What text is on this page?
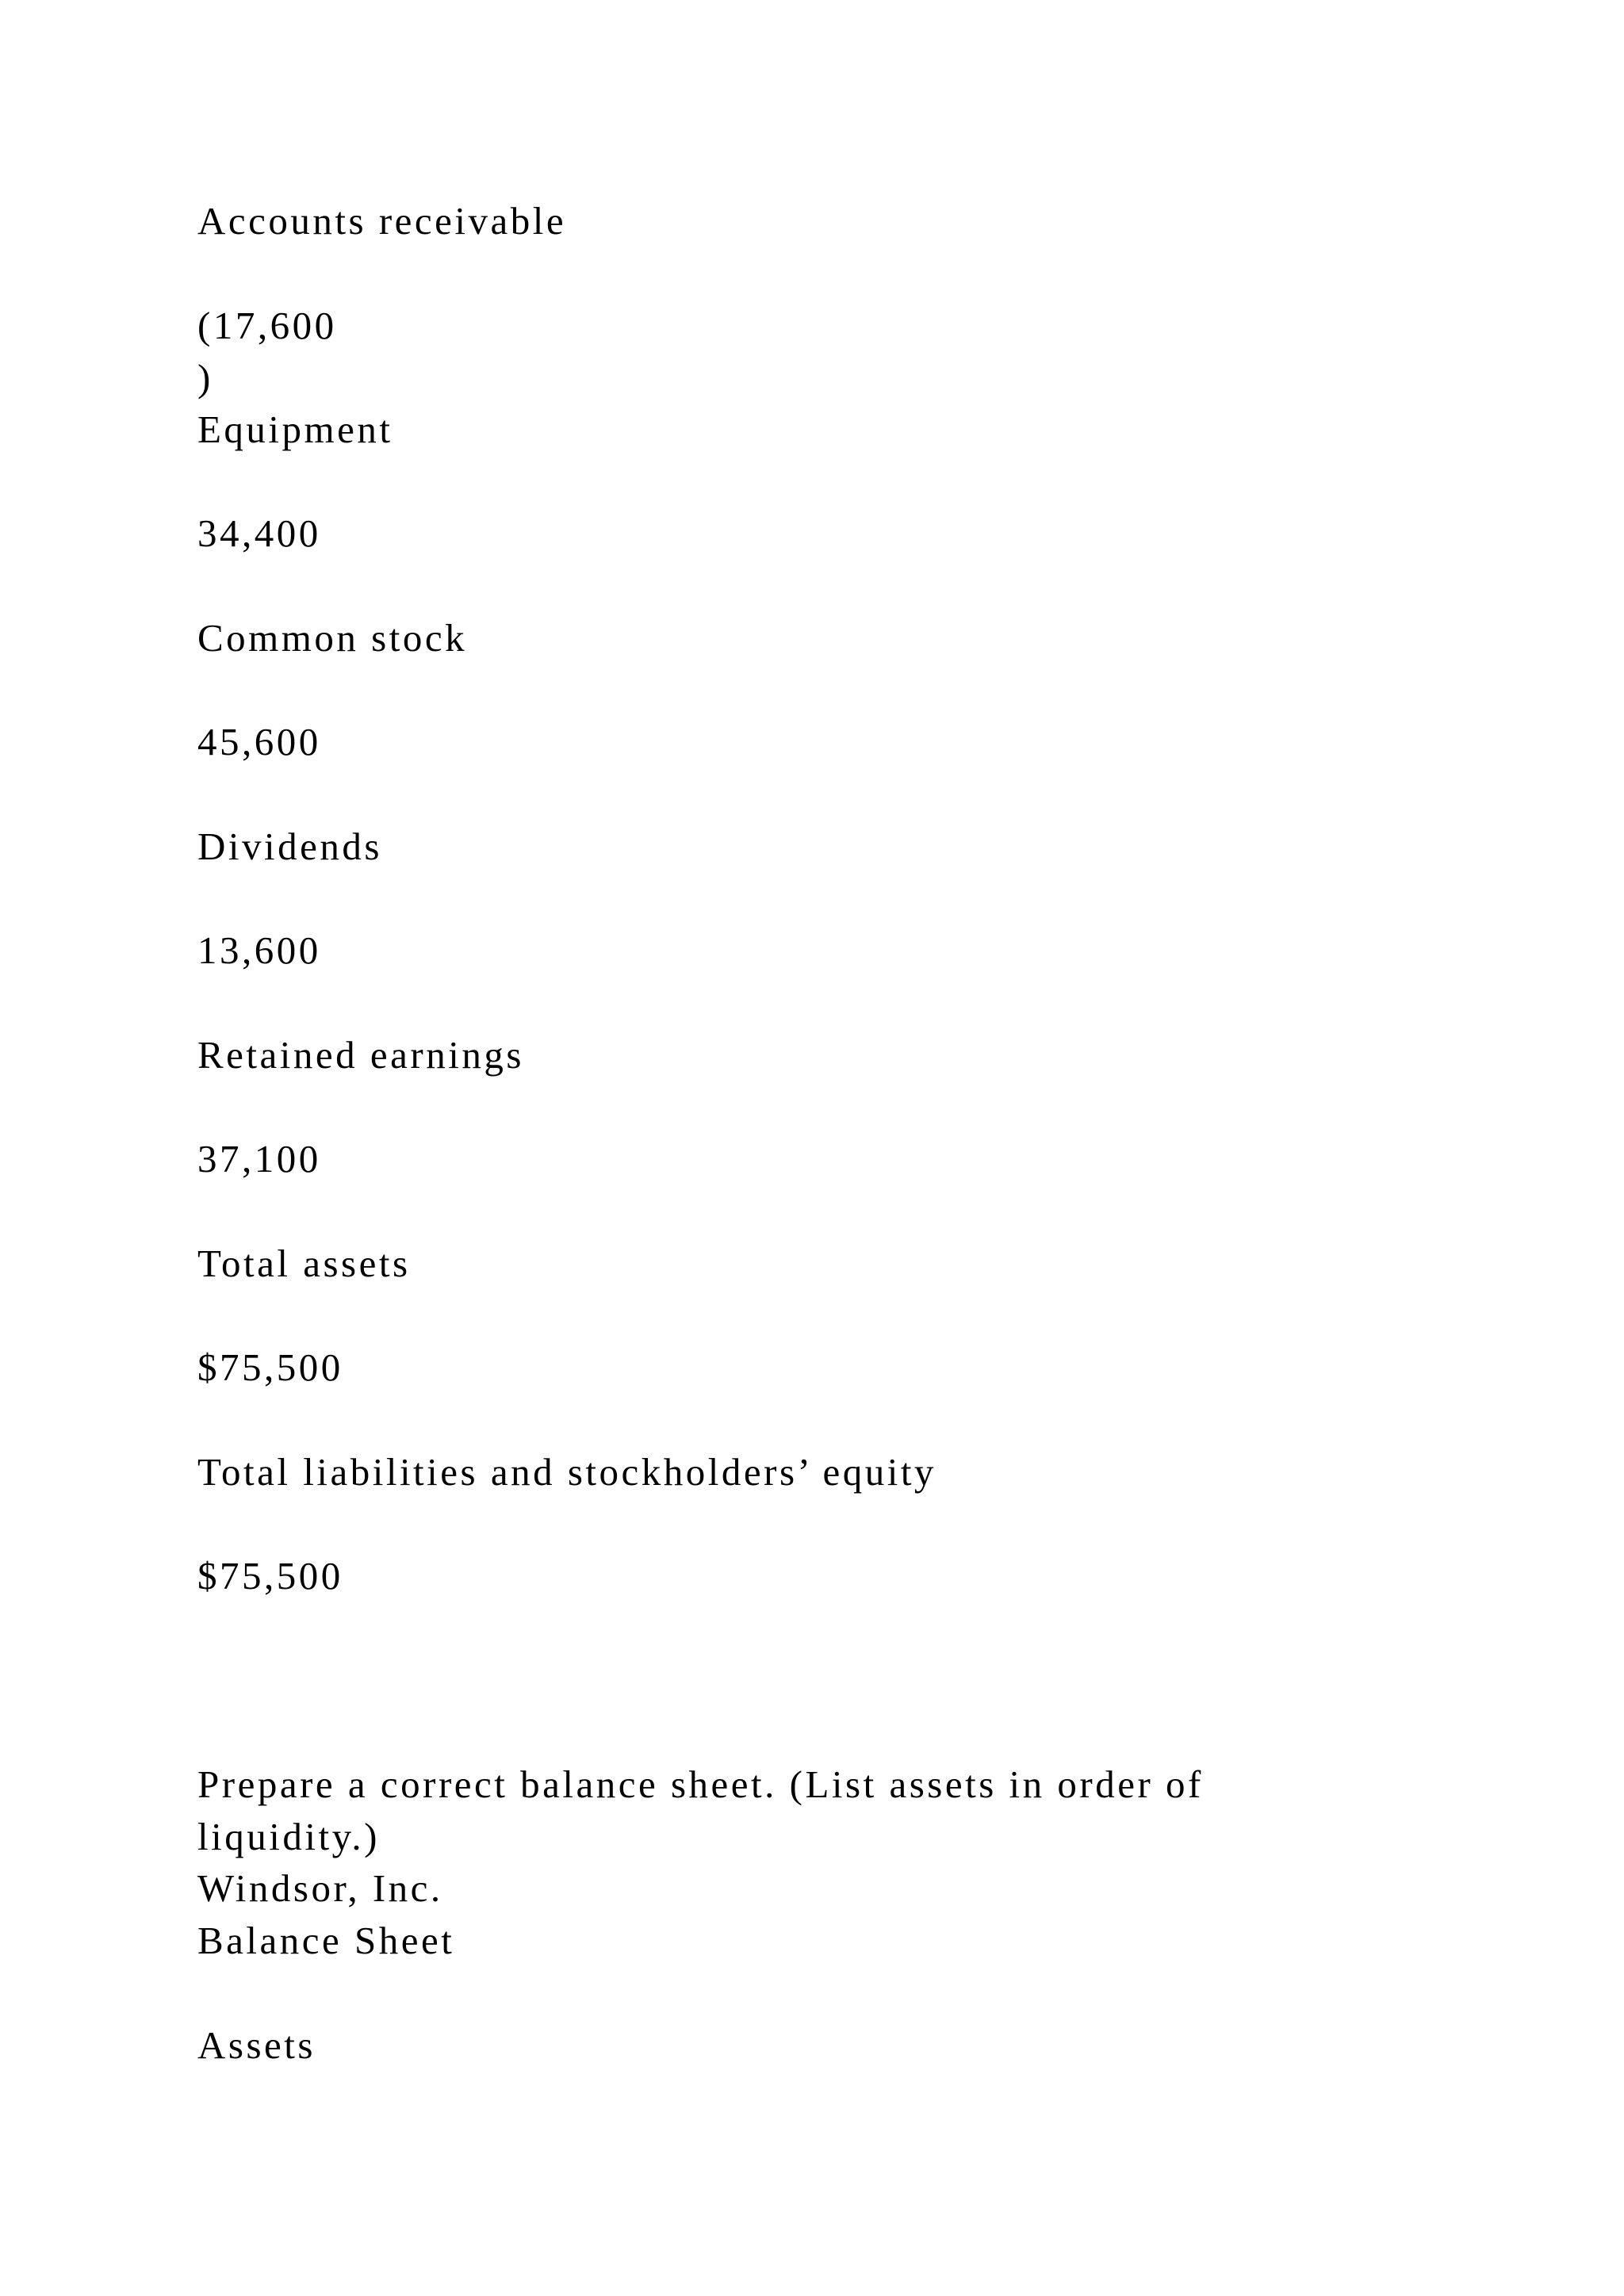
Accounts receivable

(17,600

)

Equipment

34,400

Common stock

45,600

Dividends

13,600

Retained earnings

37,100

Total assets

$75,500

Total liabilities and stockholders’ equity

$75,500

Prepare a correct balance sheet. (List assets in order of

liquidity.)

Windsor, Inc.

Balance Sheet

Assets
